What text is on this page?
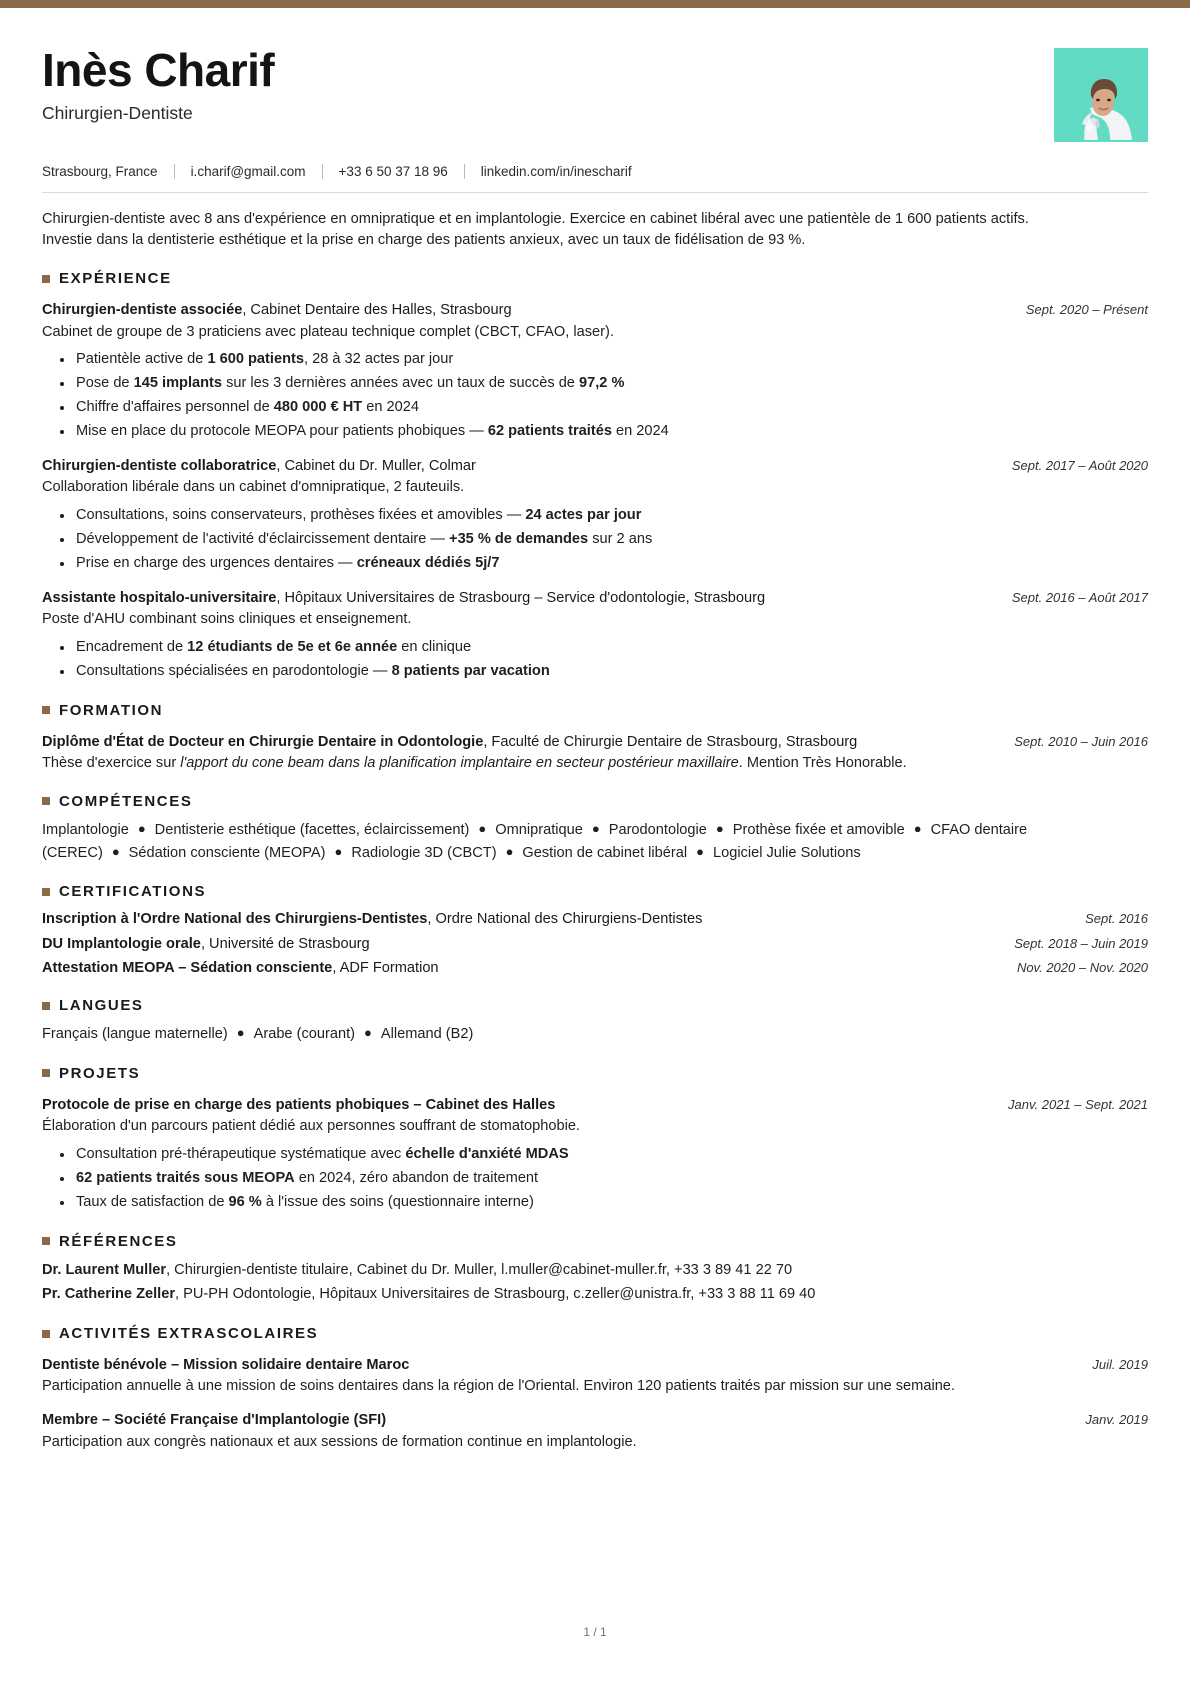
Inès Charif
Chirurgien-Dentiste
Strasbourg, France i.charif@gmail.com +33 6 50 37 18 96 linkedin.com/in/inescharif
Chirurgien-dentiste avec 8 ans d'expérience en omnipratique et en implantologie. Exercice en cabinet libéral avec une patientèle de 1 600 patients actifs. Investie dans la dentisterie esthétique et la prise en charge des patients anxieux, avec un taux de fidélisation de 93 %.
EXPÉRIENCE
Chirurgien-dentiste associée, Cabinet Dentaire des Halles, Strasbourg	Sept. 2020 – Présent
Cabinet de groupe de 3 praticiens avec plateau technique complet (CBCT, CFAO, laser).
Patientèle active de 1 600 patients, 28 à 32 actes par jour
Pose de 145 implants sur les 3 dernières années avec un taux de succès de 97,2 %
Chiffre d'affaires personnel de 480 000 € HT en 2024
Mise en place du protocole MEOPA pour patients phobiques — 62 patients traités en 2024
Chirurgien-dentiste collaboratrice, Cabinet du Dr. Muller, Colmar	Sept. 2017 – Août 2020
Collaboration libérale dans un cabinet d'omnipratique, 2 fauteuils.
Consultations, soins conservateurs, prothèses fixées et amovibles — 24 actes par jour
Développement de l'activité d'éclaircissement dentaire — +35 % de demandes sur 2 ans
Prise en charge des urgences dentaires — créneaux dédiés 5j/7
Assistante hospitalo-universitaire, Hôpitaux Universitaires de Strasbourg – Service d'odontologie, Strasbourg	Sept. 2016 – Août 2017
Poste d'AHU combinant soins cliniques et enseignement.
Encadrement de 12 étudiants de 5e et 6e année en clinique
Consultations spécialisées en parodontologie — 8 patients par vacation
FORMATION
Diplôme d'État de Docteur en Chirurgie Dentaire in Odontologie, Faculté de Chirurgie Dentaire de Strasbourg, Strasbourg	Sept. 2010 – Juin 2016
Thèse d'exercice sur l'apport du cone beam dans la planification implantaire en secteur postérieur maxillaire. Mention Très Honorable.
COMPÉTENCES
Implantologie ● Dentisterie esthétique (facettes, éclaircissement) ● Omnipratique ● Parodontologie ● Prothèse fixée et amovible ● CFAO dentaire (CEREC) ● Sédation consciente (MEOPA) ● Radiologie 3D (CBCT) ● Gestion de cabinet libéral ● Logiciel Julie Solutions
CERTIFICATIONS
Inscription à l'Ordre National des Chirurgiens-Dentistes, Ordre National des Chirurgiens-Dentistes	Sept. 2016
DU Implantologie orale, Université de Strasbourg	Sept. 2018 – Juin 2019
Attestation MEOPA – Sédation consciente, ADF Formation	Nov. 2020 – Nov. 2020
LANGUES
Français (langue maternelle) ● Arabe (courant) ● Allemand (B2)
PROJETS
Protocole de prise en charge des patients phobiques – Cabinet des Halles	Janv. 2021 – Sept. 2021
Élaboration d'un parcours patient dédié aux personnes souffrant de stomatophobie.
Consultation pré-thérapeutique systématique avec échelle d'anxiété MDAS
62 patients traités sous MEOPA en 2024, zéro abandon de traitement
Taux de satisfaction de 96 % à l'issue des soins (questionnaire interne)
RÉFÉRENCES
Dr. Laurent Muller, Chirurgien-dentiste titulaire, Cabinet du Dr. Muller, l.muller@cabinet-muller.fr, +33 3 89 41 22 70
Pr. Catherine Zeller, PU-PH Odontologie, Hôpitaux Universitaires de Strasbourg, c.zeller@unistra.fr, +33 3 88 11 69 40
ACTIVITÉS EXTRASCOLAIRES
Dentiste bénévole – Mission solidaire dentaire Maroc	Juil. 2019
Participation annuelle à une mission de soins dentaires dans la région de l'Oriental. Environ 120 patients traités par mission sur une semaine.
Membre – Société Française d'Implantologie (SFI)	Janv. 2019
Participation aux congrès nationaux et aux sessions de formation continue en implantologie.
1 / 1
